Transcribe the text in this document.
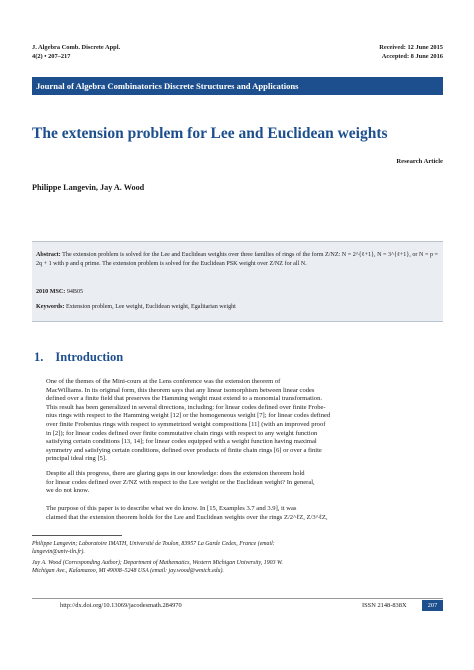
J. Algebra Comb. Discrete Appl.
4(2) • 207–217
Received: 12 June 2015
Accepted: 8 June 2016
Journal of Algebra Combinatorics Discrete Structures and Applications
The extension problem for Lee and Euclidean weights
Research Article
Philippe Langevin, Jay A. Wood
Abstract: The extension problem is solved for the Lee and Euclidean weights over three families of rings of the form Z/NZ: N = 2^{ℓ+1}, N = 3^{ℓ+1}, or N = p = 2q + 1 with p and q prime. The extension problem is solved for the Euclidean PSK weight over Z/NZ for all N.
2010 MSC: 94B05
Keywords: Extension problem, Lee weight, Euclidean weight, Egalitarian weight
1. Introduction

One of the themes of the Mini-cours at the Lens conference was the extension theorem of
MacWilliams. In its original form, this theorem says that any linear isomorphism between linear codes
defined over a finite field that preserves the Hamming weight must extend to a monomial transformation.
This result has been generalized in several directions, including: for linear codes defined over finite Frobe-
nius rings with respect to the Hamming weight [12] or the homogeneous weight [7]; for linear codes defined
over finite Frobenius rings with respect to symmetrized weight compositions [11] (with an improved proof
in [2]); for linear codes defined over finite commutative chain rings with respect to any weight function
satisfying certain conditions [13, 14]; for linear codes equipped with a weight function having maximal
symmetry and satisfying certain conditions, defined over products of finite chain rings [6] or over a finite
principal ideal ring [5].

Despite all this progress, there are glaring gaps in our knowledge: does the extension theorem hold
for linear codes defined over Z/NZ with respect to the Lee weight or the Euclidean weight? In general,
we do not know.

The purpose of this paper is to describe what we do know. In [15, Examples 3.7 and 3.9], it was
claimed that the extension theorem holds for the Lee and Euclidean weights over the rings Z/2^ℓZ, Z/3^ℓZ,

Philippe Langevin; Laboratoire IMATH, Université de Toulon, 83957 La Garde Cedex, France (email:
langevin@univ-tln.fr).
Jay A. Wood (Corresponding Author); Department of Mathematics, Western Michigan University, 1903 W.
Michigan Ave., Kalamazoo, MI 49008–5248 USA (email: jay.wood@wmich.edu).
http://dx.doi.org/10.13069/jacodesmath.284970	ISSN 2148-838X	207
